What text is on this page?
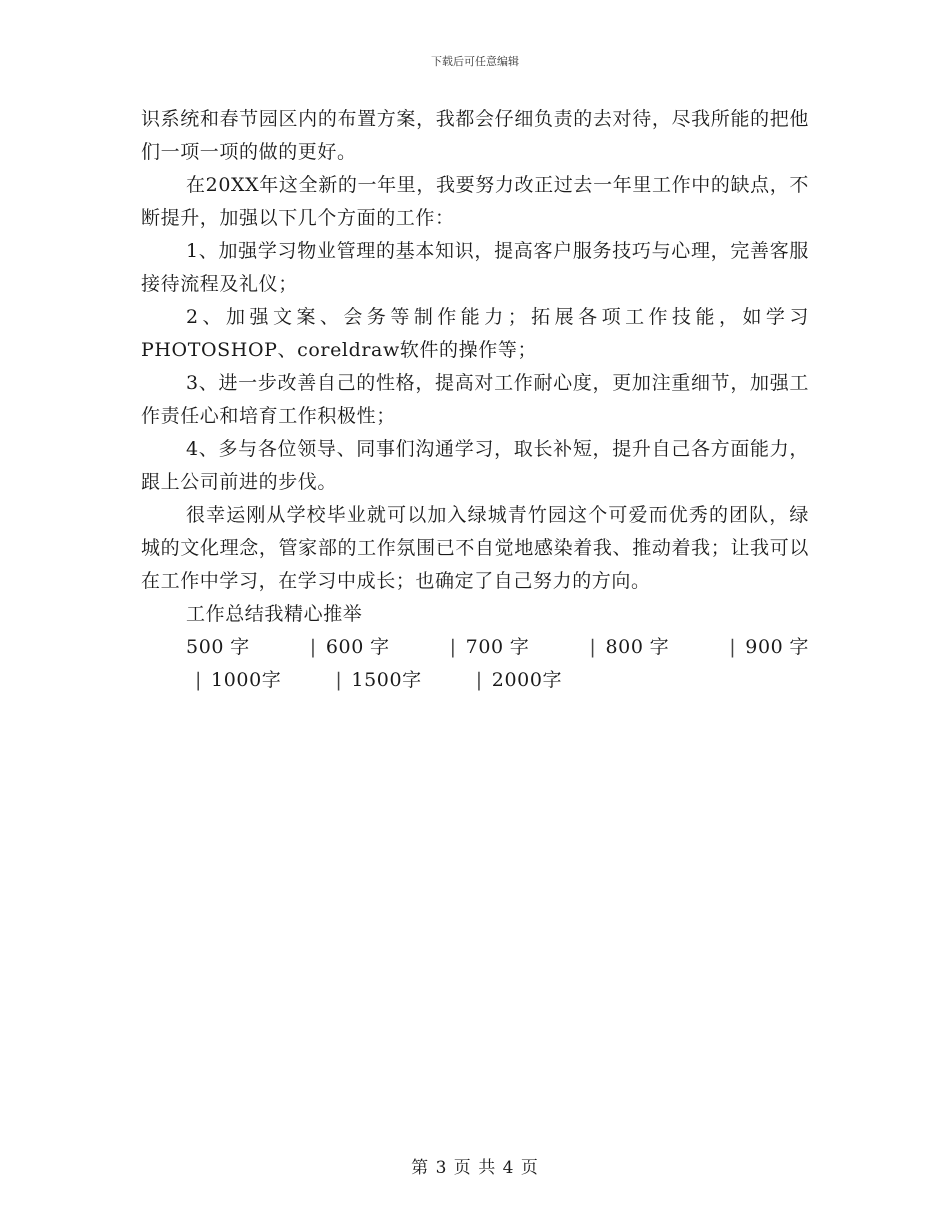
下载后可任意编辑

识系统和春节园区内的布置方案，我都会仔细负责的去对待，尽我所能的把他们一项一项的做的更好。

在20XX年这全新的一年里，我要努力改正过去一年里工作中的缺点，不断提升，加强以下几个方面的工作：

1、加强学习物业管理的基本知识，提高客户服务技巧与心理，完善客服接待流程及礼仪；

2、加强文案、会务等制作能力；拓展各项工作技能，如学习PHOTOSHOP、coreldraw软件的操作等；

3、进一步改善自己的性格，提高对工作耐心度，更加注重细节，加强工作责任心和培育工作积极性；

4、多与各位领导、同事们沟通学习，取长补短，提升自己各方面能力，跟上公司前进的步伐。

很幸运刚从学校毕业就可以加入绿城青竹园这个可爱而优秀的团队，绿城的文化理念，管家部的工作氛围已不自觉地感染着我、推动着我；让我可以在工作中学习，在学习中成长；也确定了自己努力的方向。

工作总结我精心推举

500字	| 600字	| 700字	| 800字	| 900字| 1000字	| 1500字	| 2000字

第 3 页 共 4 页
